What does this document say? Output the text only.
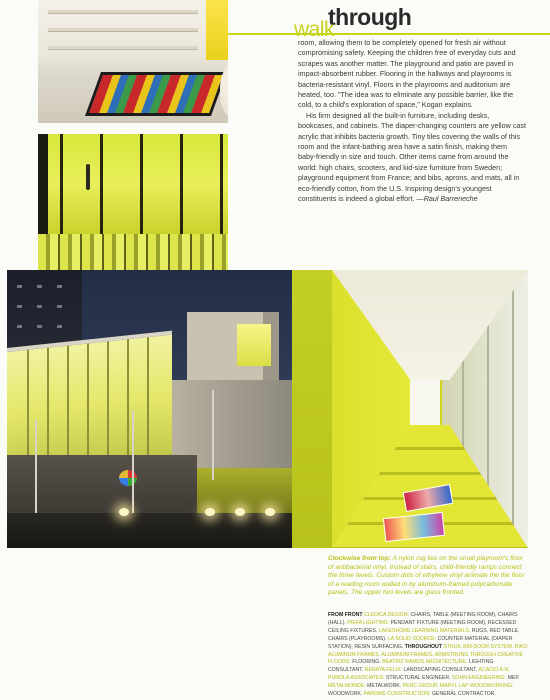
through
walk

room, allowing them to be completely opened for fresh air without compromising safety. Keeping the children free of everyday cuts and scrapes was another matter. The playground and patio are paved in impact-absorbent rubber. Flooring in the hallways and playrooms is bacteria-resistant vinyl. Floors in the playrooms and auditorium are heated, too. "The idea was to eliminate any possible barrier, like the cold, to a child's exploration of space," Kogan explains.

His firm designed all the built-in furniture, including desks, bookcases, and cabinets. The diaper-changing counters are yellow cast acrylic that inhibits bacteria growth. Tiny tiles covering the walls of this room and the infant-bathing area have a satin finish, making them baby-friendly in size and touch. Other items came from around the world: high chairs, scooters, and kid-size furniture from Sweden; playground equipment from France; and bibs, aprons, and mats, all in eco-friendly cotton, from the U.S. Inspiring design's youngest constituents is indeed a global effort. —Raul Barreneche

Clockwise from top: A nylon rug lies on the small playroom's floor of antibacterial vinyl. Instead of stairs, child-friendly ramps connect the three levels. Custom dots of ethylene vinyl animate the the floor of a reading room walled in by aluminum-framed polycarbonate panels. The upper two levels are glass fronted.
FROM FRONT CLEDICA DESIGN: CHAIRS, TABLE (MEETING ROOM), CHAIRS (HALL). PIEFA LIGHTING: PENDANT FIXTURE (MEETING ROOM), RECESSED CEILING FIXTURES. LAKESHORE LEARNING MATERIALS: RUGS, RED TABLE, CHAIRS (PLAYROOMS). LA SOLID SOURCE: COUNTER MATERIAL (DIAPER STATION), RESIN SURFACING. THROUGHOUT STRUIL BIN-DOOR SYSTEM. RIKO ALUMINUM FRAMES. ALUMINUM FRAMES. ARMSTRONG THROUGH CREATIVE FLOORS: FLOORING. BEATRIZ RAMOS ARCHITECTURE: LIGHTING CONSULTANT. RENATA FELIX: LANDSCAPING CONSULTANT. ACACIO A.N. PUROLA ASSOCIATES: STRUCTURAL ENGINEER. SOHN ENGINEERING: MEP. METALMONDE: METALWORK. PERC GROUP, MARYL LAP WOODWORKING: WOODWORK. PAROME CONSTRUCTION: GENERAL CONTRACTOR.
